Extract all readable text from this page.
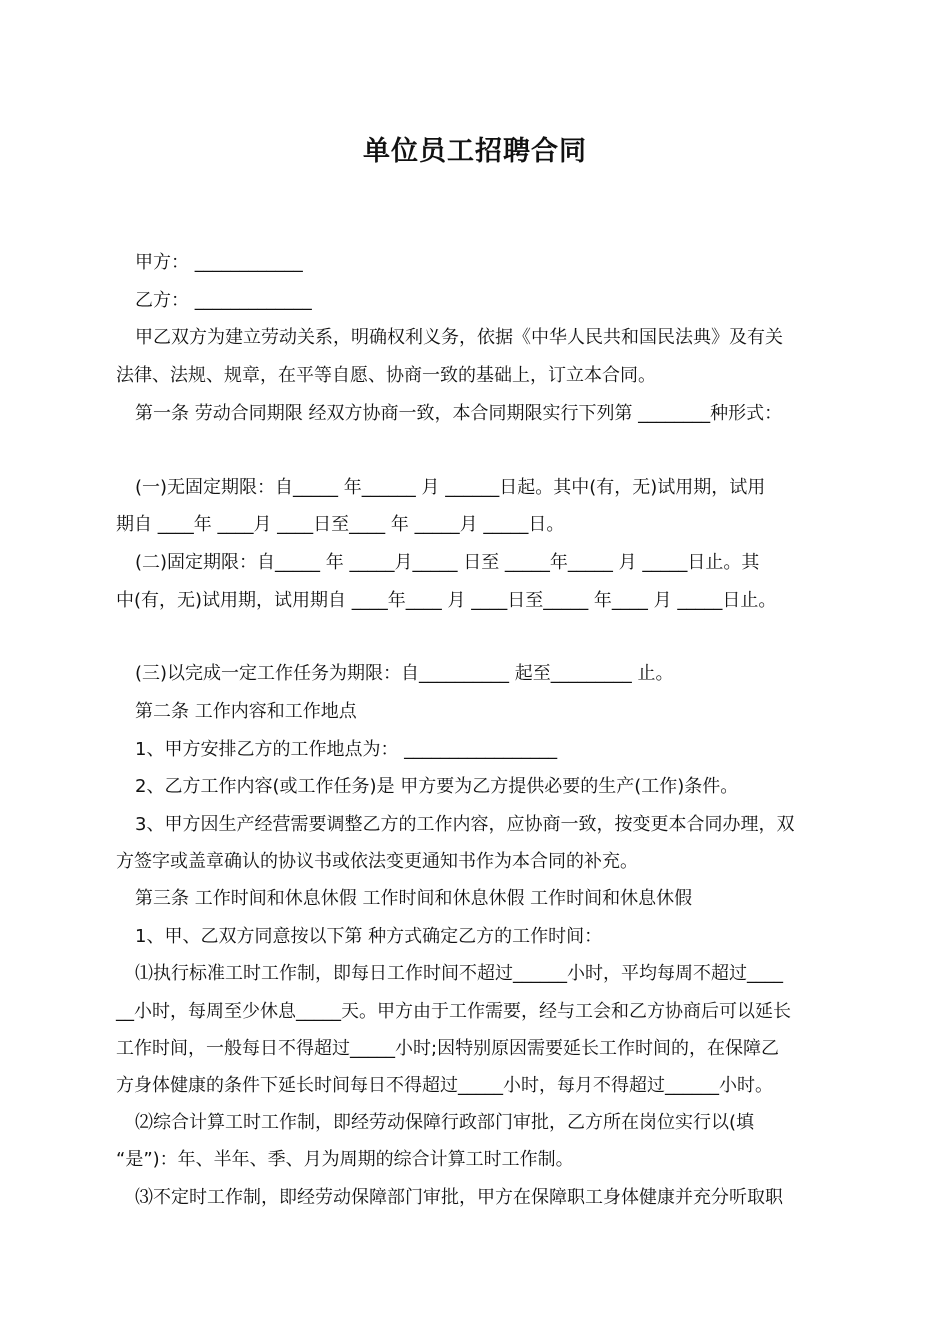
单位员工招聘合同
甲方： ____________
乙方： _____________
甲乙双方为建立劳动关系，明确权利义务，依据《中华人民共和国民法典》及有关
法律、法规、规章，在平等自愿、协商一致的基础上，订立本合同。
第一条 劳动合同期限 经双方协商一致，本合同期限实行下列第 ________种形式：
(一)无固定期限：自_____ 年______ 月 ______日起。其中(有，无)试用期，试用
期自 ____年 ____月 ____日至____ 年 _____月 _____日。
(二)固定期限：自_____ 年 _____月_____ 日至 _____年_____ 月 _____日止。其
中(有，无)试用期，试用期自 ____年____ 月 ____日至_____ 年____ 月 _____日止。
(三)以完成一定工作任务为期限：自__________ 起至_________ 止。
第二条 工作内容和工作地点
1、甲方安排乙方的工作地点为： _________________
2、乙方工作内容(或工作任务)是 甲方要为乙方提供必要的生产(工作)条件。
3、甲方因生产经营需要调整乙方的工作内容，应协商一致，按变更本合同办理，双
方签字或盖章确认的协议书或依法变更通知书作为本合同的补充。
第三条 工作时间和休息休假 工作时间和休息休假 工作时间和休息休假
1、甲、乙双方同意按以下第 种方式确定乙方的工作时间：
⑴执行标准工时工作制，即每日工作时间不超过______小时，平均每周不超过____
__小时，每周至少休息_____天。甲方由于工作需要，经与工会和乙方协商后可以延长
工作时间，一般每日不得超过_____小时;因特别原因需要延长工作时间的，在保障乙
方身体健康的条件下延长时间每日不得超过_____小时，每月不得超过______小时。
⑵综合计算工时工作制，即经劳动保障行政部门审批，乙方所在岗位实行以(填
“是”)：年、半年、季、月为周期的综合计算工时工作制。
⑶不定时工作制，即经劳动保障部门审批，甲方在保障职工身体健康并充分听取职
